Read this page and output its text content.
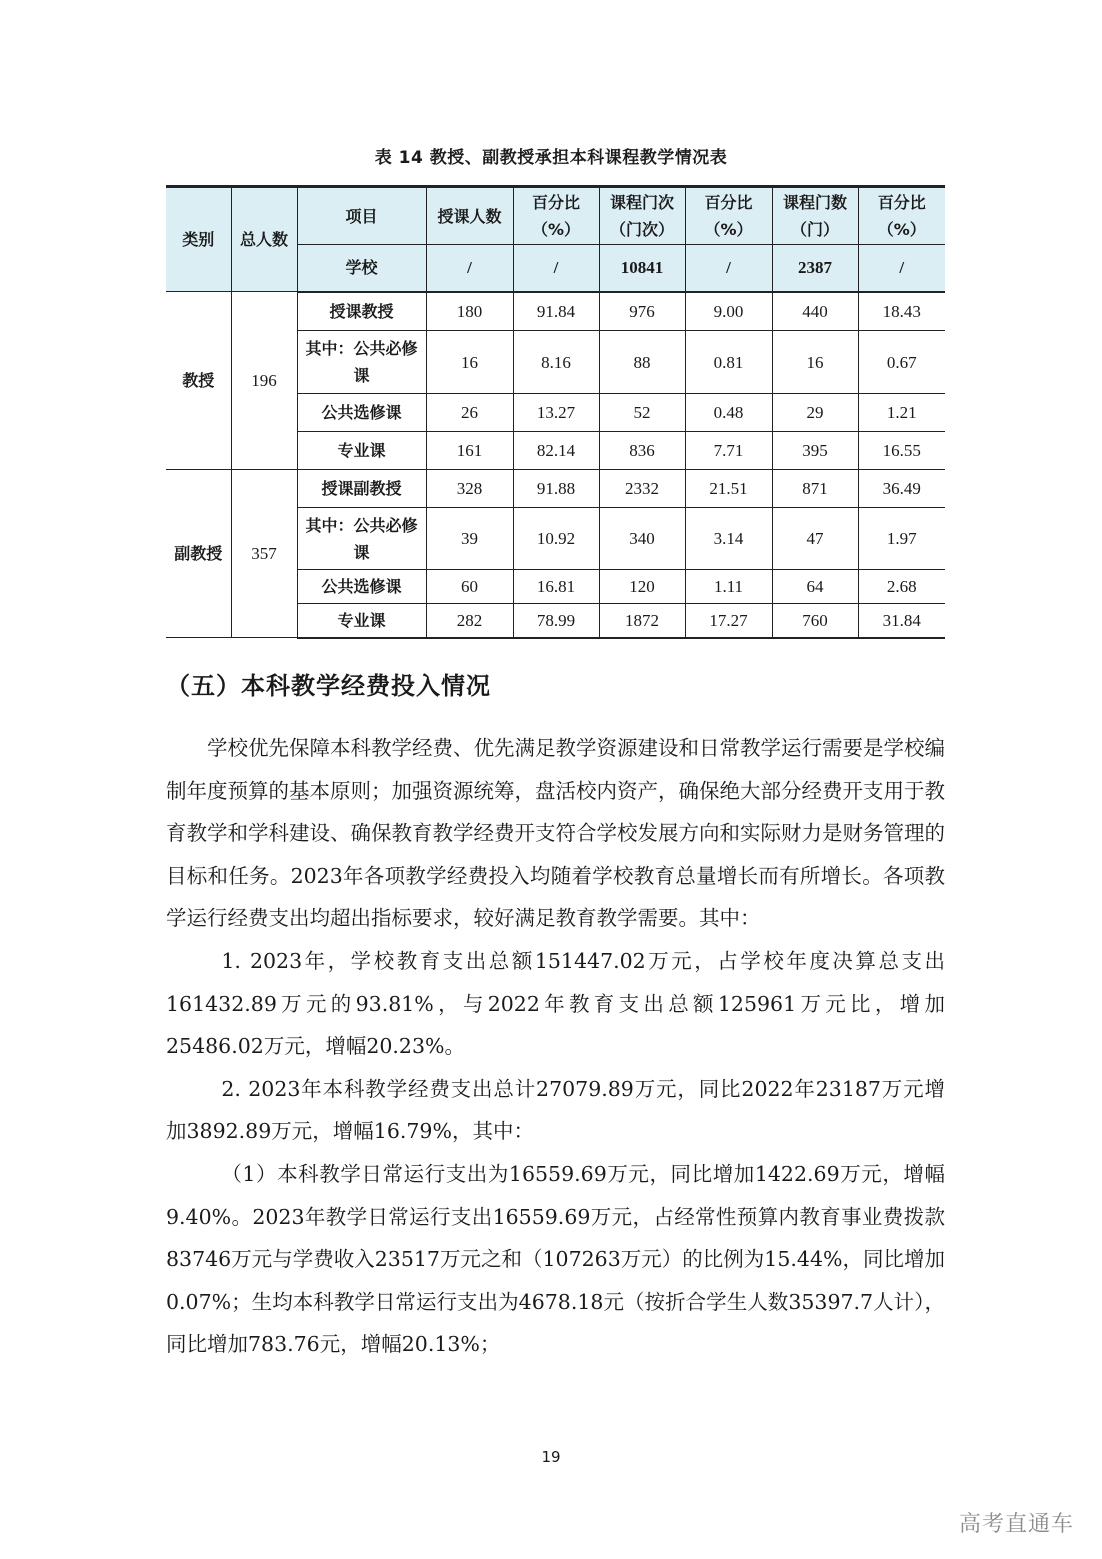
表 14 教授、副教授承担本科课程教学情况表
类别	总人数	项目	授课人数	百分比（%）	课程门次（门次）	百分比（%）	课程门数（门）	百分比（%）
		学校	/	/	10841	/	2387	/
教授	196	授课教授	180	91.84	976	9.00	440	18.43
		其中：公共必修课	16	8.16	88	0.81	16	0.67
		公共选修课	26	13.27	52	0.48	29	1.21
		专业课	161	82.14	836	7.71	395	16.55
副教授	357	授课副教授	328	91.88	2332	21.51	871	36.49
		其中：公共必修课	39	10.92	340	3.14	47	1.97
		公共选修课	60	16.81	120	1.11	64	2.68
		专业课	282	78.99	1872	17.27	760	31.84
（五）本科教学经费投入情况

学校优先保障本科教学经费、优先满足教学资源建设和日常教学运行需要是学校编制年度预算的基本原则；加强资源统筹，盘活校内资产，确保绝大部分经费开支用于教育教学和学科建设、确保教育教学经费开支符合学校发展方向和实际财力是财务管理的目标和任务。2023年各项教学经费投入均随着学校教育总量增长而有所增长。各项教学运行经费支出均超出指标要求，较好满足教育教学需要。其中：

1. 2023年，学校教育支出总额151447.02万元，占学校年度决算总支出161432.89万元的93.81%，与2022年教育支出总额125961万元比，增加25486.02万元，增幅20.23%。

2. 2023年本科教学经费支出总计27079.89万元，同比2022年23187万元增加3892.89万元，增幅16.79%，其中：

（1）本科教学日常运行支出为16559.69万元，同比增加1422.69万元，增幅9.40%。2023年教学日常运行支出16559.69万元，占经常性预算内教育事业费拨款83746万元与学费收入23517万元之和（107263万元）的比例为15.44%，同比增加0.07%；生均本科教学日常运行支出为4678.18元（按折合学生人数35397.7人计），同比增加783.76元，增幅20.13%；

19
高考直通车
